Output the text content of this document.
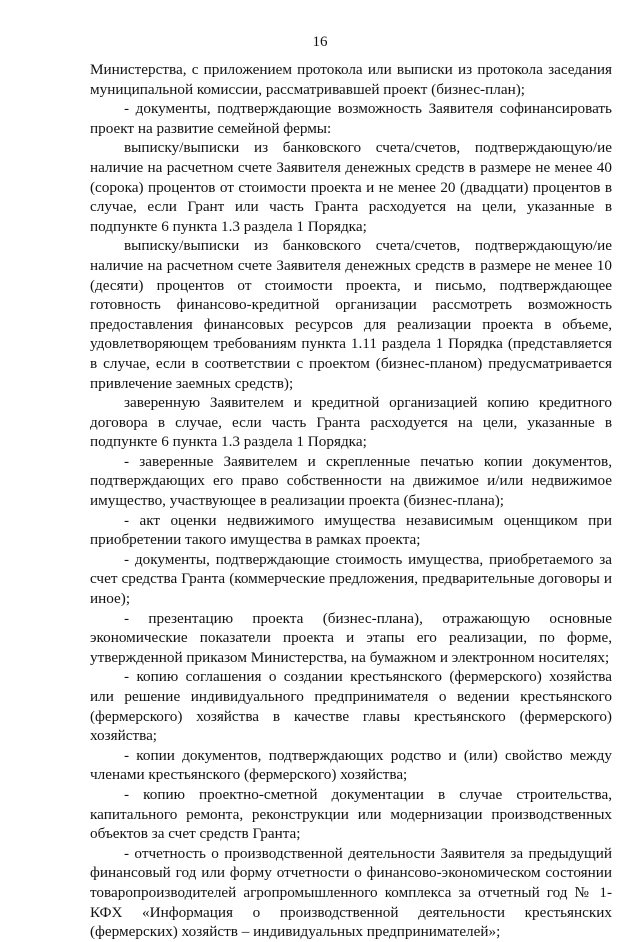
16

Министерства, с приложением протокола или выписки из протокола заседания муниципальной комиссии, рассматривавшей проект (бизнес-план);

- документы, подтверждающие возможность Заявителя софинансировать проект на развитие семейной фермы:

выписку/выписки из банковского счета/счетов, подтверждающую/ие наличие на расчетном счете Заявителя денежных средств в размере не менее 40 (сорока) процентов от стоимости проекта и не менее 20 (двадцати) процентов в случае, если Грант или часть Гранта расходуется на цели, указанные в подпункте 6 пункта 1.3 раздела 1 Порядка;

выписку/выписки из банковского счета/счетов, подтверждающую/ие наличие на расчетном счете Заявителя денежных средств в размере не менее 10 (десяти) процентов от стоимости проекта, и письмо, подтверждающее готовность финансово-кредитной организации рассмотреть возможность предоставления финансовых ресурсов для реализации проекта в объеме, удовлетворяющем требованиям пункта 1.11 раздела 1 Порядка (представляется в случае, если в соответствии с проектом (бизнес-планом) предусматривается привлечение заемных средств);

заверенную Заявителем и кредитной организацией копию кредитного договора в случае, если часть Гранта расходуется на цели, указанные в подпункте 6 пункта 1.3 раздела 1 Порядка;

- заверенные Заявителем и скрепленные печатью копии документов, подтверждающих его право собственности на движимое и/или недвижимое имущество, участвующее в реализации проекта (бизнес-плана);

- акт оценки недвижимого имущества независимым оценщиком при приобретении такого имущества в рамках проекта;

- документы, подтверждающие стоимость имущества, приобретаемого за счет средства Гранта (коммерческие предложения, предварительные договоры и иное);

- презентацию проекта (бизнес-плана), отражающую основные экономические показатели проекта и этапы его реализации, по форме, утвержденной приказом Министерства, на бумажном и электронном носителях;

- копию соглашения о создании крестьянского (фермерского) хозяйства или решение индивидуального предпринимателя о ведении крестьянского (фермерского) хозяйства в качестве главы крестьянского (фермерского) хозяйства;

- копии документов, подтверждающих родство и (или) свойство между членами крестьянского (фермерского) хозяйства;

- копию проектно-сметной документации в случае строительства, капитального ремонта, реконструкции или модернизации производственных объектов за счет средств Гранта;

- отчетность о производственной деятельности Заявителя за предыдущий финансовый год или форму отчетности о финансово-экономическом состоянии товаропроизводителей агропромышленного комплекса за отчетный год № 1-КФХ «Информация о производственной деятельности крестьянских (фермерских) хозяйств – индивидуальных предпринимателей»;
